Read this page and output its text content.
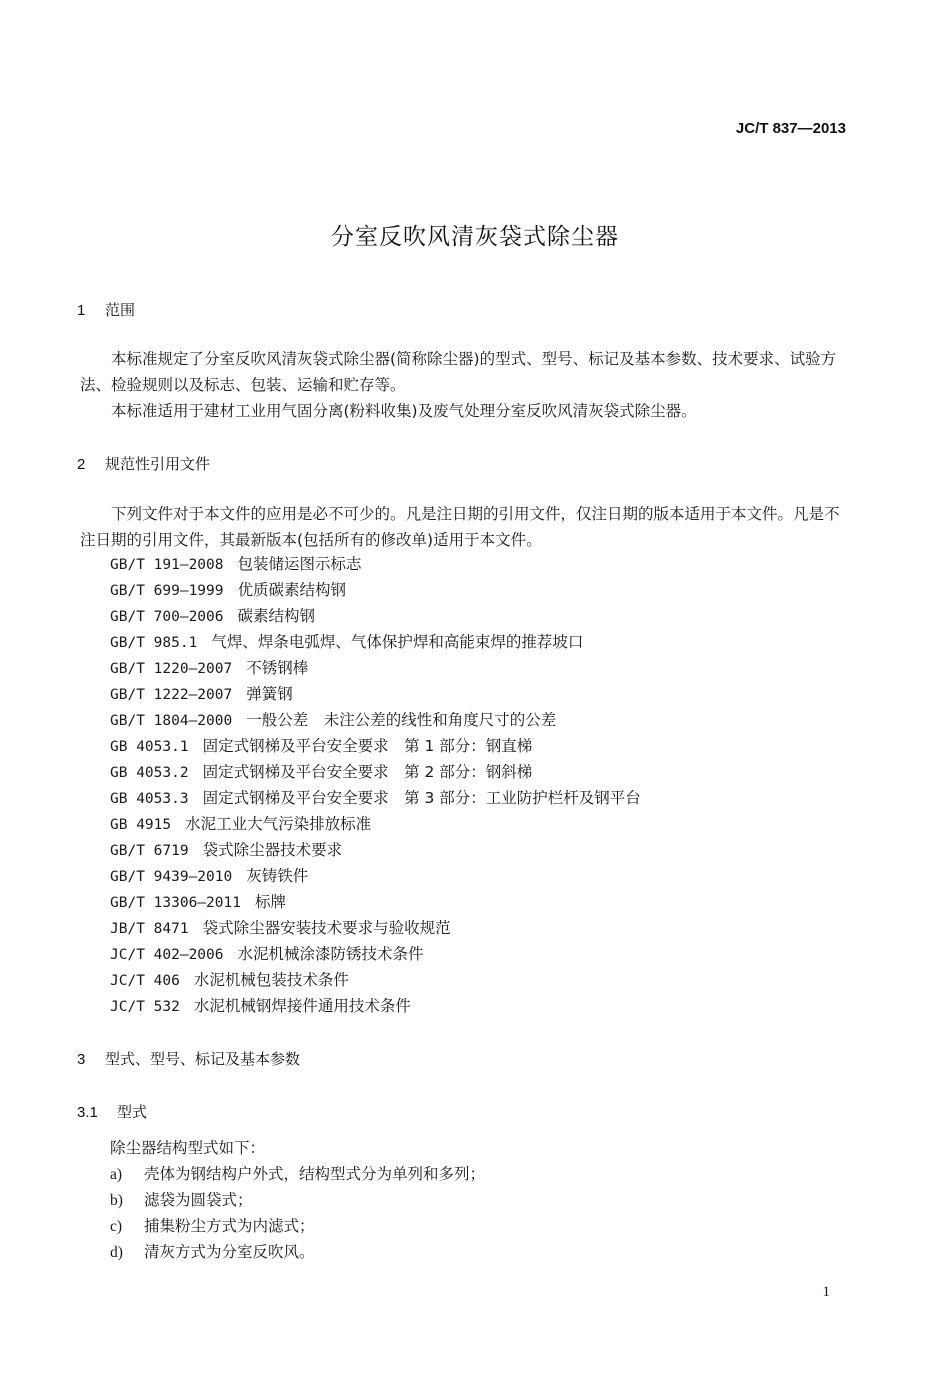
JC/T 837—2013
分室反吹风清灰袋式除尘器
1 范围

本标准规定了分室反吹风清灰袋式除尘器(简称除尘器)的型式、型号、标记及基本参数、技术要求、试验方法、检验规则以及标志、包装、运输和贮存等。

本标准适用于建材工业用气固分离(粉料收集)及废气处理分室反吹风清灰袋式除尘器。

2 规范性引用文件

下列文件对于本文件的应用是必不可少的。凡是注日期的引用文件，仅注日期的版本适用于本文件。凡是不注日期的引用文件，其最新版本(包括所有的修改单)适用于本文件。

GB/T 191—2008 包装储运图示标志
GB/T 699—1999 优质碳素结构钢
GB/T 700—2006 碳素结构钢
GB/T 985.1 气焊、焊条电弧焊、气体保护焊和高能束焊的推荐坡口
GB/T 1220—2007 不锈钢棒
GB/T 1222—2007 弹簧钢
GB/T 1804—2000 一般公差　未注公差的线性和角度尺寸的公差
GB 4053.1 固定式钢梯及平台安全要求　第 1 部分：钢直梯
GB 4053.2 固定式钢梯及平台安全要求　第 2 部分：钢斜梯
GB 4053.3 固定式钢梯及平台安全要求　第 3 部分：工业防护栏杆及钢平台
GB 4915 水泥工业大气污染排放标准
GB/T 6719 袋式除尘器技术要求
GB/T 9439—2010 灰铸铁件
GB/T 13306—2011 标牌
JB/T 8471 袋式除尘器安装技术要求与验收规范
JC/T 402—2006 水泥机械涂漆防锈技术条件
JC/T 406 水泥机械包装技术条件
JC/T 532 水泥机械钢焊接件通用技术条件
3 型式、型号、标记及基本参数
3.1 型式
除尘器结构型式如下：
a) 壳体为钢结构户外式，结构型式分为单列和多列；
b) 滤袋为圆袋式；
c) 捕集粉尘方式为内滤式；
d) 清灰方式为分室反吹风。
1
